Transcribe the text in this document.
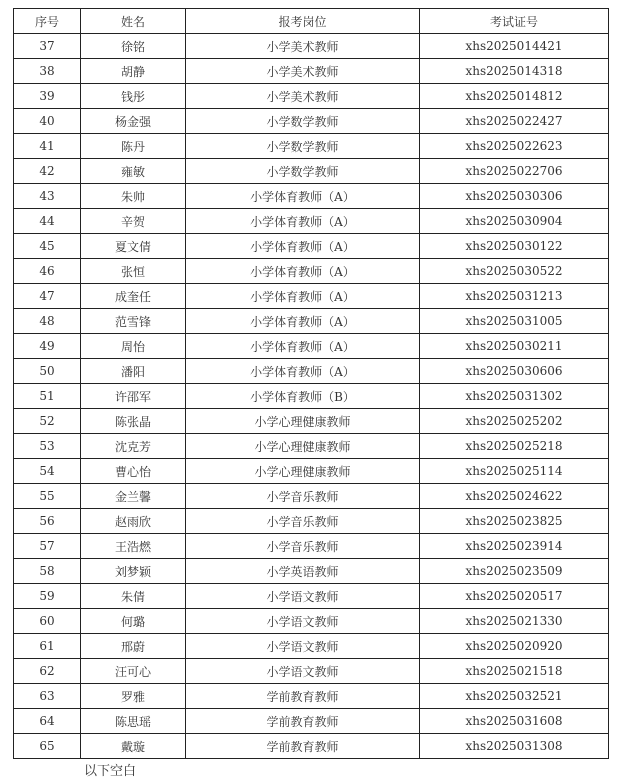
序号	姓名	报考岗位	考试证号
37	徐铭	小学美术教师	xhs2025014421
38	胡静	小学美术教师	xhs2025014318
39	钱彤	小学美术教师	xhs2025014812
40	杨金强	小学数学教师	xhs2025022427
41	陈丹	小学数学教师	xhs2025022623
42	雍敏	小学数学教师	xhs2025022706
43	朱帅	小学体育教师（A）	xhs2025030306
44	辛贺	小学体育教师（A）	xhs2025030904
45	夏文倩	小学体育教师（A）	xhs2025030122
46	张恒	小学体育教师（A）	xhs2025030522
47	成奎任	小学体育教师（A）	xhs2025031213
48	范雪锋	小学体育教师（A）	xhs2025031005
49	周怡	小学体育教师（A）	xhs2025030211
50	潘阳	小学体育教师（A）	xhs2025030606
51	许邵军	小学体育教师（B）	xhs2025031302
52	陈张晶	小学心理健康教师	xhs2025025202
53	沈克芳	小学心理健康教师	xhs2025025218
54	曹心怡	小学心理健康教师	xhs2025025114
55	金兰馨	小学音乐教师	xhs2025024622
56	赵雨欣	小学音乐教师	xhs2025023825
57	王浩燃	小学音乐教师	xhs2025023914
58	刘梦颖	小学英语教师	xhs2025023509
59	朱倩	小学语文教师	xhs2025020517
60	何璐	小学语文教师	xhs2025021330
61	邢蔚	小学语文教师	xhs2025020920
62	汪可心	小学语文教师	xhs2025021518
63	罗雅	学前教育教师	xhs2025032521
64	陈思瑶	学前教育教师	xhs2025031608
65	戴璇	学前教育教师	xhs2025031308
以下空白
